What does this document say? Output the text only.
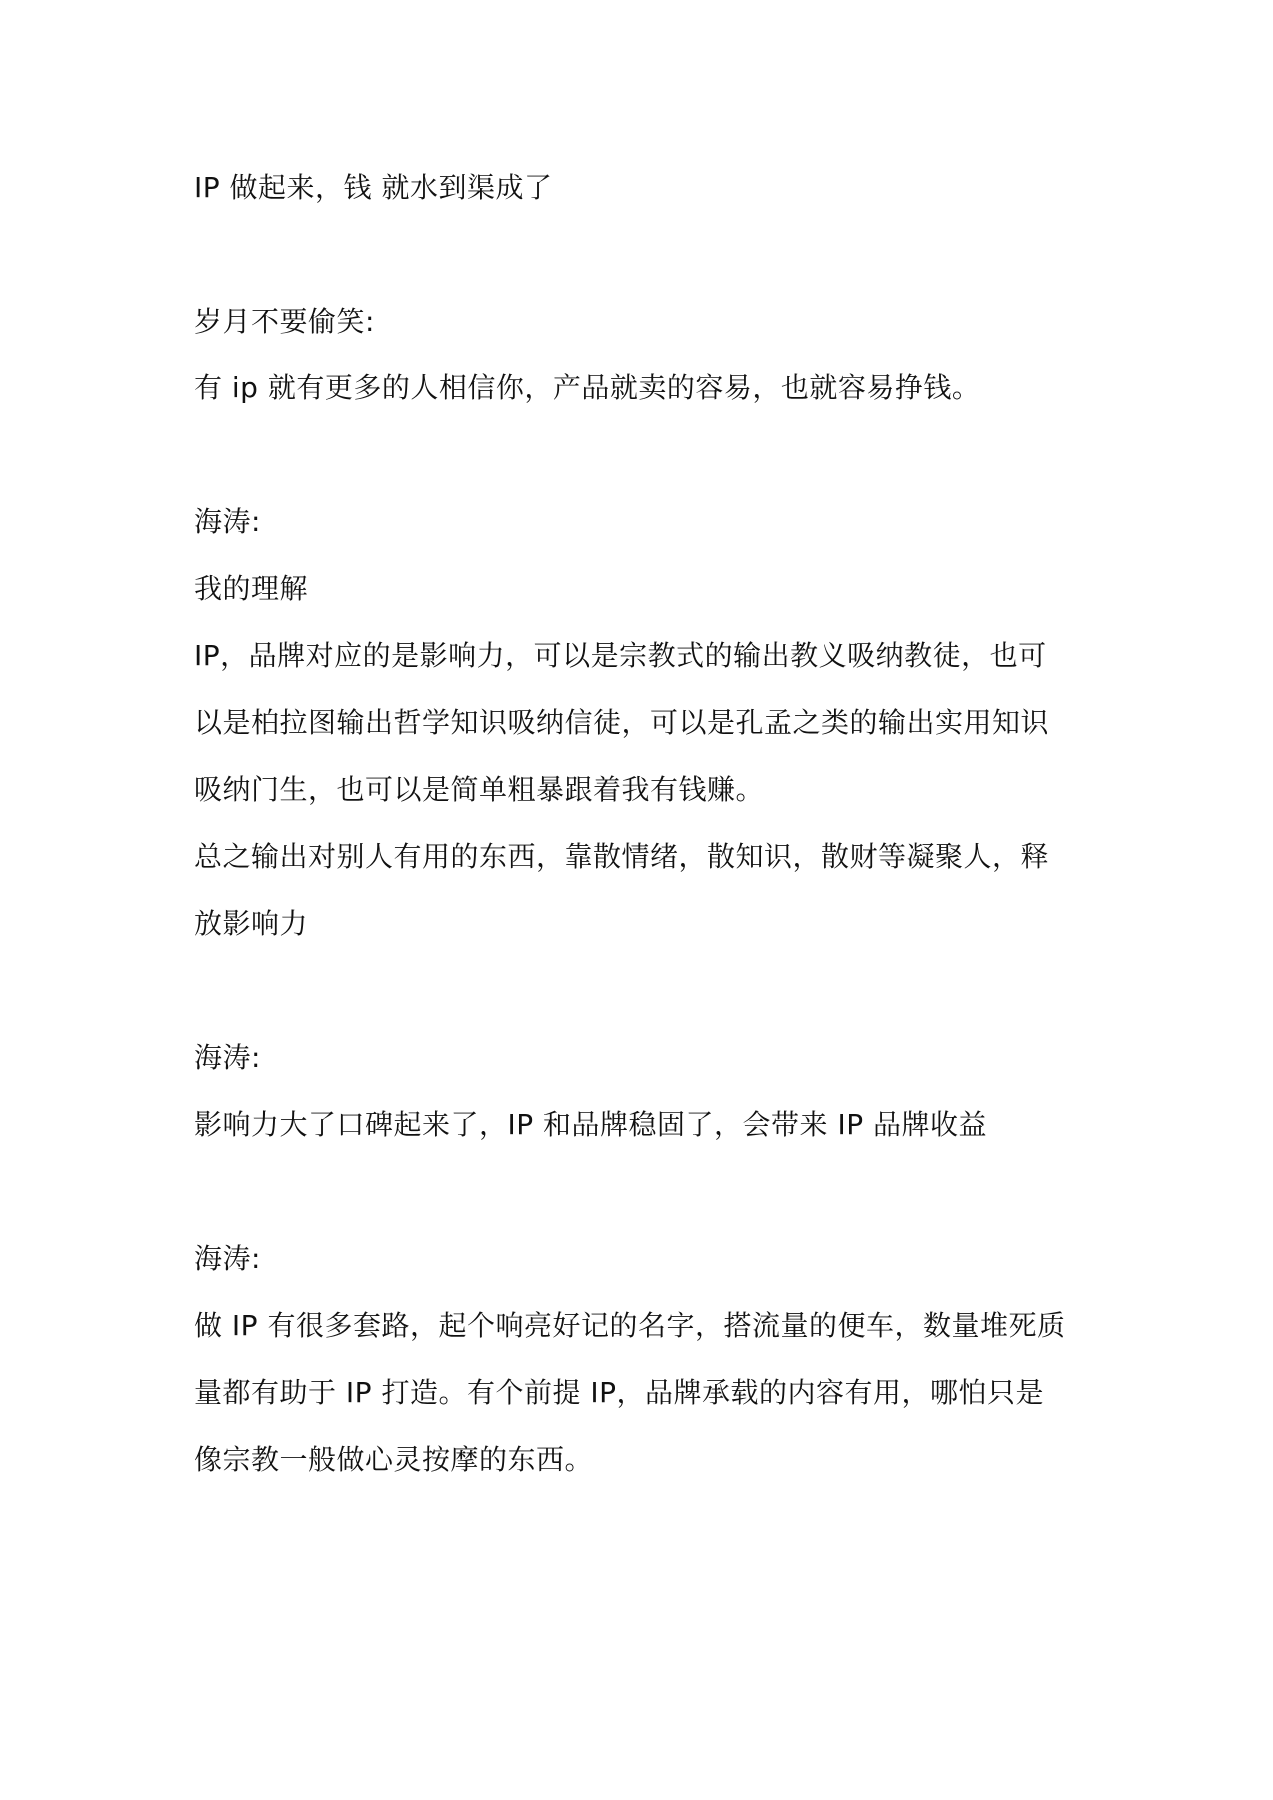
IP 做起来，钱 就水到渠成了
岁月不要偷笑:
有 ip 就有更多的人相信你，产品就卖的容易，也就容易挣钱。
海涛:
我的理解
IP，品牌对应的是影响力，可以是宗教式的输出教义吸纳教徒，也可
以是柏拉图输出哲学知识吸纳信徒，可以是孔孟之类的输出实用知识
吸纳门生，也可以是简单粗暴跟着我有钱赚。
总之输出对别人有用的东西，靠散情绪，散知识，散财等凝聚人，释
放影响力
海涛:
影响力大了口碑起来了，IP 和品牌稳固了，会带来 IP 品牌收益
海涛:
做 IP 有很多套路，起个响亮好记的名字，搭流量的便车，数量堆死质
量都有助于 IP 打造。有个前提 IP，品牌承载的内容有用，哪怕只是
像宗教一般做心灵按摩的东西。
